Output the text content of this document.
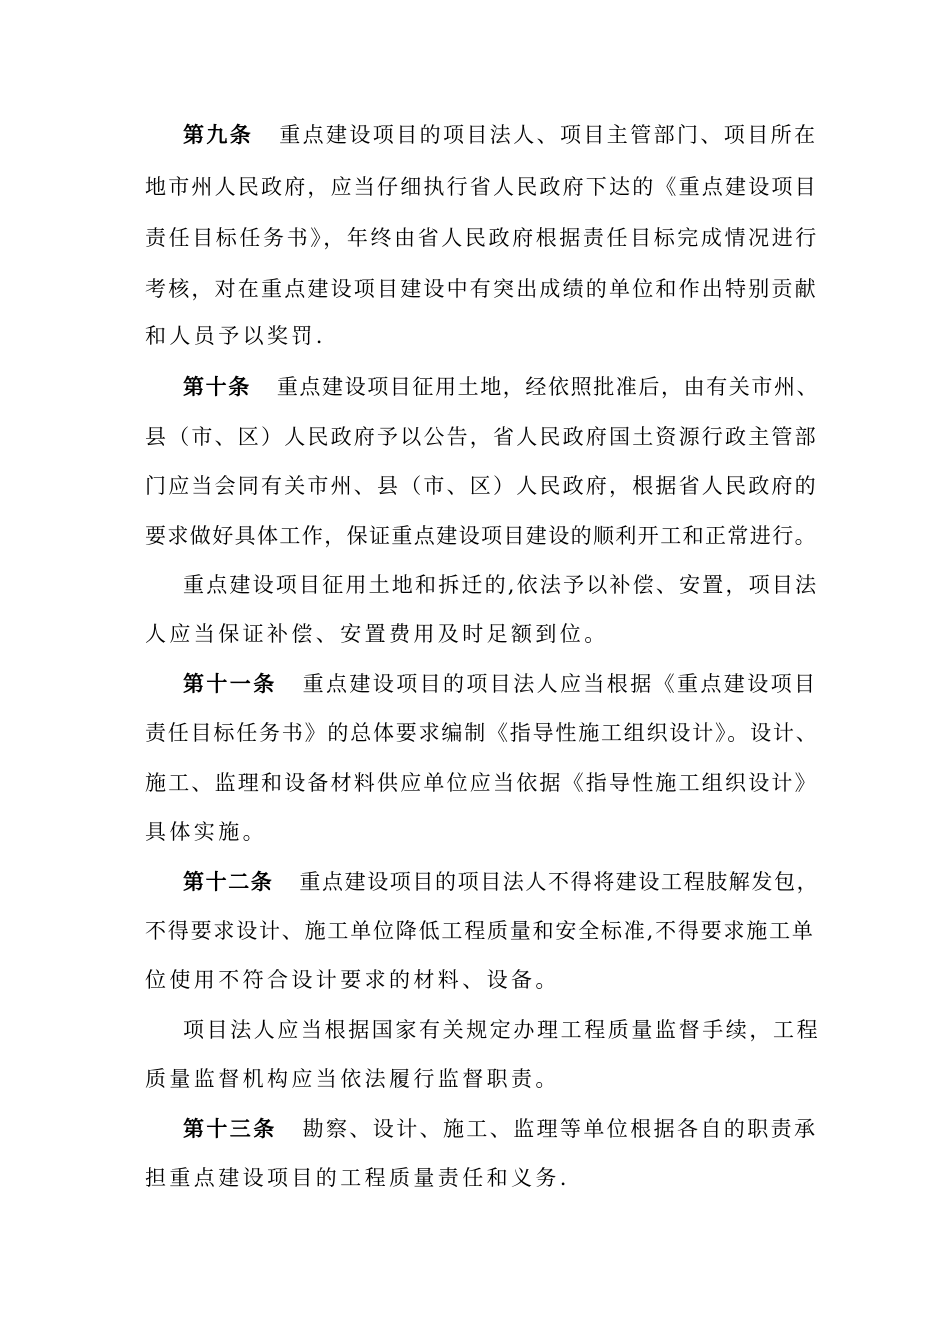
第九条 重点建设项目的项目法人、项目主管部门、项目所在
地市州人民政府，应当仔细执行省人民政府下达的《重点建设项目
责任目标任务书》，年终由省人民政府根据责任目标完成情况进行
考核，对在重点建设项目建设中有突出成绩的单位和作出特别贡献
和人员予以奖罚.
第十条 重点建设项目征用土地，经依照批准后，由有关市州、
县（市、区）人民政府予以公告，省人民政府国土资源行政主管部
门应当会同有关市州、县（市、区）人民政府，根据省人民政府的
要求做好具体工作，保证重点建设项目建设的顺利开工和正常进行。
重点建设项目征用土地和拆迁的,依法予以补偿、安置，项目法
人应当保证补偿、安置费用及时足额到位。
第十一条 重点建设项目的项目法人应当根据《重点建设项目
责任目标任务书》的总体要求编制《指导性施工组织设计》。设计、
施工、监理和设备材料供应单位应当依据《指导性施工组织设计》
具体实施。
第十二条 重点建设项目的项目法人不得将建设工程肢解发包，
不得要求设计、施工单位降低工程质量和安全标准,不得要求施工单
位使用不符合设计要求的材料、设备。
项目法人应当根据国家有关规定办理工程质量监督手续，工程
质量监督机构应当依法履行监督职责。
第十三条 勘察、设计、施工、监理等单位根据各自的职责承
担重点建设项目的工程质量责任和义务.
